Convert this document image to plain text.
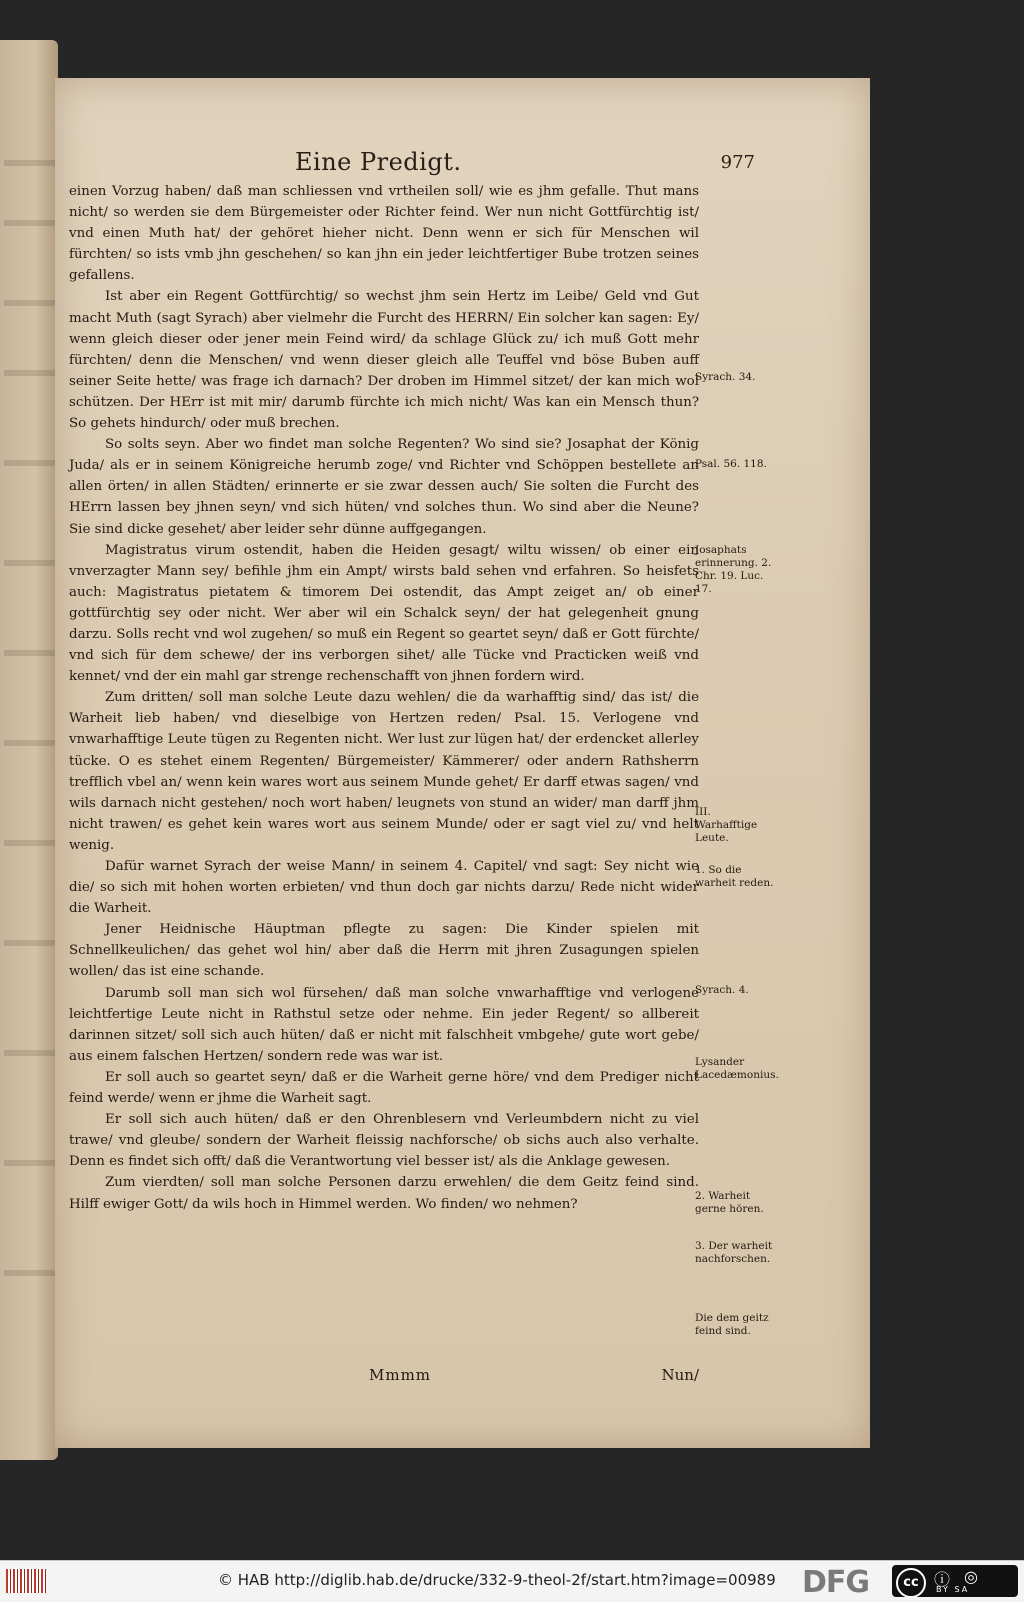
Eine Predigt.	977

einen Vorzug haben/ daß man schliessen vnd vrtheilen soll/ wie es jhm gefalle. Thut mans nicht/ so werden sie dem Bürgemeister oder Richter feind. Wer nun nicht Gottfürchtig ist/ vnd einen Muth hat/ der gehöret hieher nicht. Denn wenn er sich für Menschen wil fürchten/ so ists vmb jhn geschehen/ so kan jhn ein jeder leichtfertiger Bube trotzen seines gefallens.

Ist aber ein Regent Gottfürchtig/ so wechst jhm sein Hertz im Leibe/ Geld vnd Gut macht Muth (sagt Syrach) aber vielmehr die Furcht des HERRN/ Ein solcher kan sagen: Ey/ wenn gleich dieser oder jener mein Feind wird/ da schlage Glück zu/ ich muß Gott mehr fürchten/ denn die Menschen/ vnd wenn dieser gleich alle Teuffel vnd böse Buben auff seiner Seite hette/ was frage ich darnach? Der droben im Himmel sitzet/ der kan mich wol schützen. Der HErr ist mit mir/ darumb fürchte ich mich nicht/ Was kan ein Mensch thun? So gehets hindurch/ oder muß brechen.

So solts seyn. Aber wo findet man solche Regenten? Wo sind sie? Josaphat der König Juda/ als er in seinem Königreiche herumb zoge/ vnd Richter vnd Schöppen bestellete an allen örten/ in allen Städten/ erinnerte er sie zwar dessen auch/ Sie solten die Furcht des HErrn lassen bey jhnen seyn/ vnd sich hüten/ vnd solches thun. Wo sind aber die Neune? Sie sind dicke gesehet/ aber leider sehr dünne auffgegangen.

Magistratus virum ostendit, haben die Heiden gesagt/ wiltu wissen/ ob einer ein vnverzagter Mann sey/ befihle jhm ein Ampt/ wirsts bald sehen vnd erfahren. So heisfets auch: Magistratus pietatem & timorem Dei ostendit, das Ampt zeiget an/ ob einer gottfürchtig sey oder nicht. Wer aber wil ein Schalck seyn/ der hat gelegenheit gnung darzu. Solls recht vnd wol zugehen/ so muß ein Regent so geartet seyn/ daß er Gott fürchte/ vnd sich für dem schewe/ der ins verborgen sihet/ alle Tücke vnd Practicken weiß vnd kennet/ vnd der ein mahl gar strenge rechenschafft von jhnen fordern wird.

Zum dritten/ soll man solche Leute dazu wehlen/ die da warhafftig sind/ das ist/ die Warheit lieb haben/ vnd dieselbige von Hertzen reden/ Psal. 15. Verlogene vnd vnwarhafftige Leute tügen zu Regenten nicht. Wer lust zur lügen hat/ der erdencket allerley tücke. O es stehet einem Regenten/ Bürgemeister/ Kämmerer/ oder andern Rathsherrn trefflich vbel an/ wenn kein wares wort aus seinem Munde gehet/ Er darff etwas sagen/ vnd wils darnach nicht gestehen/ noch wort haben/ leugnets von stund an wider/ man darff jhm nicht trawen/ es gehet kein wares wort aus seinem Munde/ oder er sagt viel zu/ vnd helt wenig.

Dafür warnet Syrach der weise Mann/ in seinem 4. Capitel/ vnd sagt: Sey nicht wie die/ so sich mit hohen worten erbieten/ vnd thun doch gar nichts darzu/ Rede nicht wider die Warheit.

Jener Heidnische Häuptman pflegte zu sagen: Die Kinder spielen mit Schnellkeulichen/ das gehet wol hin/ aber daß die Herrn mit jhren Zusagungen spielen wollen/ das ist eine schande.

Darumb soll man sich wol fürsehen/ daß man solche vnwarhafftige vnd verlogene leichtfertige Leute nicht in Rathstul setze oder nehme. Ein jeder Regent/ so allbereit darinnen sitzet/ soll sich auch hüten/ daß er nicht mit falschheit vmbgehe/ gute wort gebe/ aus einem falschen Hertzen/ sondern rede was war ist.

Er soll auch so geartet seyn/ daß er die Warheit gerne höre/ vnd dem Prediger nicht feind werde/ wenn er jhme die Warheit sagt.

Er soll sich auch hüten/ daß er den Ohrenblesern vnd Verleumbdern nicht zu viel trawe/ vnd gleube/ sondern der Warheit fleissig nachforsche/ ob sichs auch also verhalte. Denn es findet sich offt/ daß die Verantwortung viel besser ist/ als die Anklage gewesen.

Zum vierdten/ soll man solche Personen darzu erwehlen/ die dem Geitz feind sind. Hilff ewiger Gott/ da wils hoch in Himmel werden. Wo finden/ wo nehmen?

Syrach. 34.
Psal. 56. 118.
Josaphats erinnerung. 2. Chr. 19. Luc. 17.
III. Warhafftige Leute.
1. So die warheit reden.
Syrach. 4.
Lysander Lacedæmonius.
2. Warheit gerne hören.
3. Der warheit nachforschen.
Die dem geitz feind sind.
Mmmm	Nun/
© HAB http://diglib.hab.de/drucke/332-9-theol-2f/start.htm?image=00989 DFG	cc ⓘ ◎
BY SA
